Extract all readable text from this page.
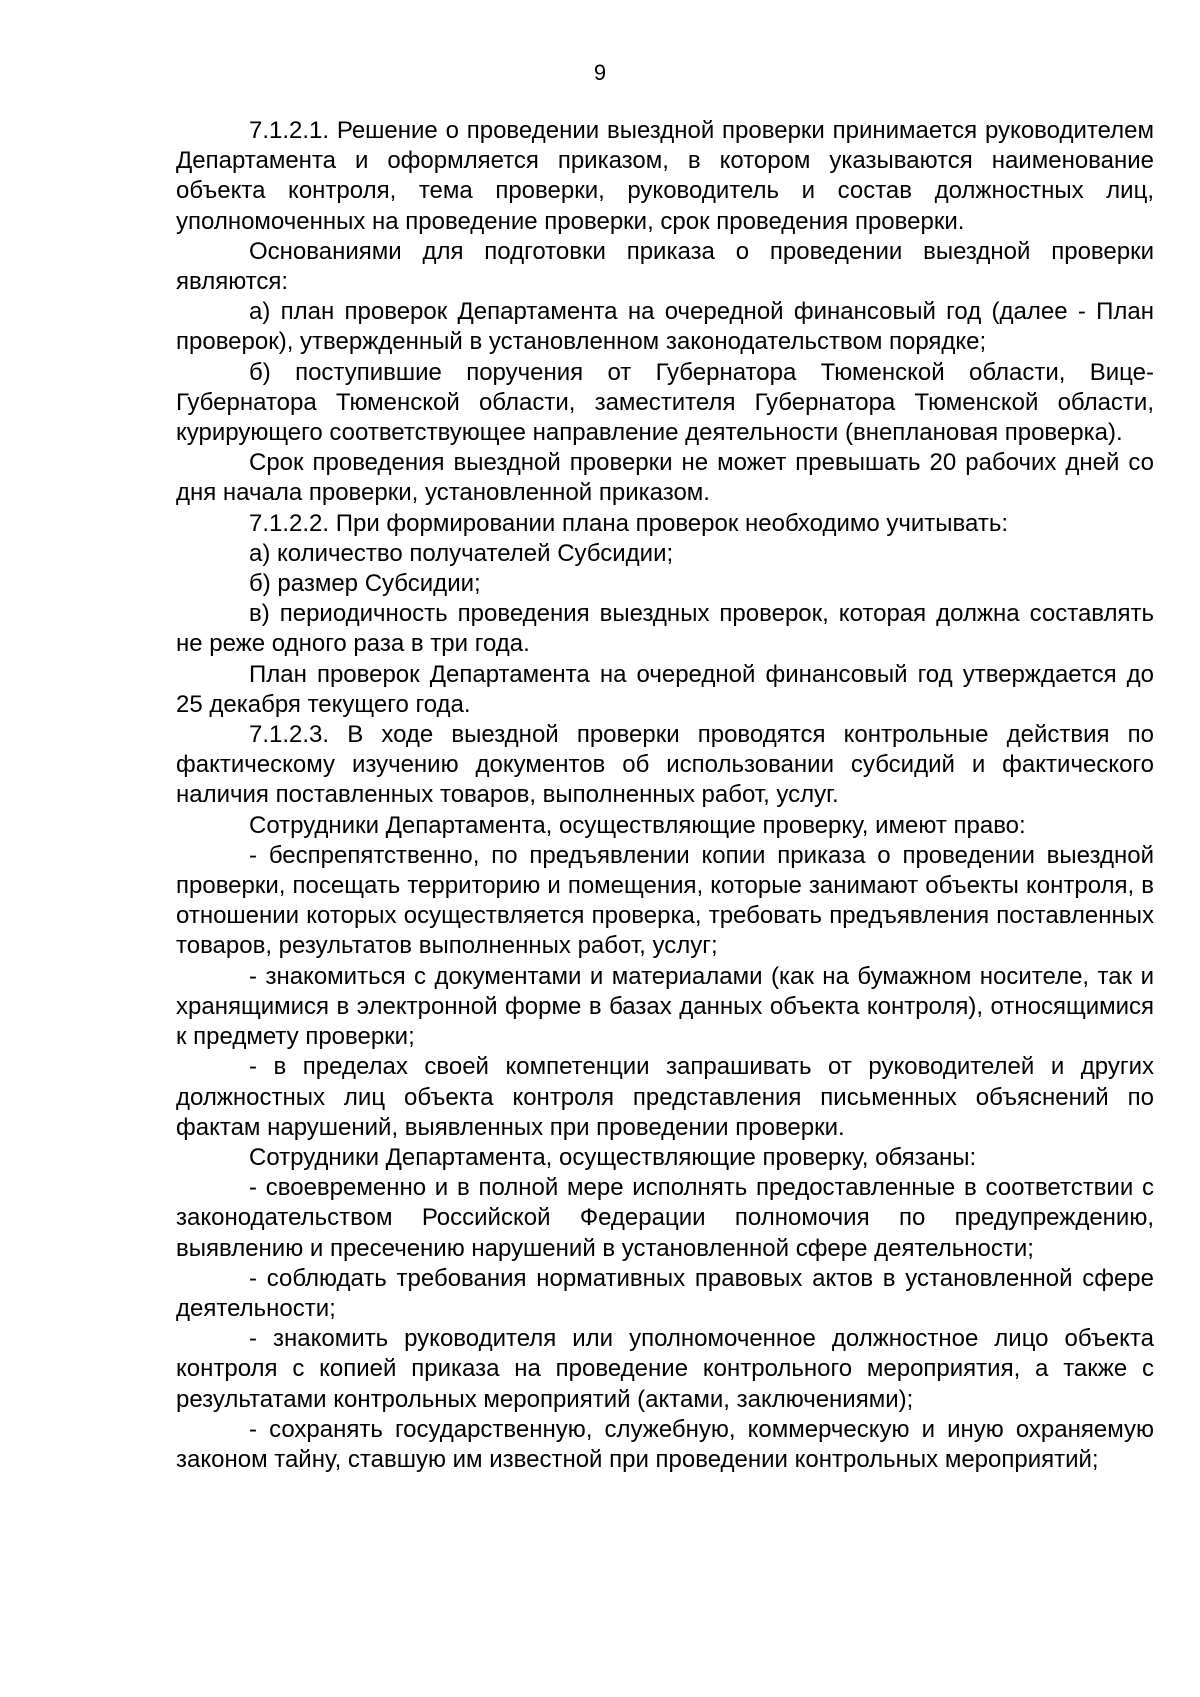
9

7.1.2.1. Решение о проведении выездной проверки принимается руководителем Департамента и оформляется приказом, в котором указываются наименование объекта контроля, тема проверки, руководитель и состав должностных лиц, уполномоченных на проведение проверки, срок проведения проверки.

Основаниями для подготовки приказа о проведении выездной проверки являются:

а) план проверок Департамента на очередной финансовый год (далее - План проверок), утвержденный в установленном законодательством порядке;

б) поступившие поручения от Губернатора Тюменской области, Вице-Губернатора Тюменской области, заместителя Губернатора Тюменской области, курирующего соответствующее направление деятельности (внеплановая проверка).

Срок проведения выездной проверки не может превышать 20 рабочих дней со дня начала проверки, установленной приказом.

7.1.2.2. При формировании плана проверок необходимо учитывать:

а) количество получателей Субсидии;

б) размер Субсидии;

в) периодичность проведения выездных проверок, которая должна составлять не реже одного раза в три года.

План проверок Департамента на очередной финансовый год утверждается до 25 декабря текущего года.

7.1.2.3. В ходе выездной проверки проводятся контрольные действия по фактическому изучению документов об использовании субсидий и фактического наличия поставленных товаров, выполненных работ, услуг.

Сотрудники Департамента, осуществляющие проверку, имеют право:

- беспрепятственно, по предъявлении копии приказа о проведении выездной проверки, посещать территорию и помещения, которые занимают объекты контроля, в отношении которых осуществляется проверка, требовать предъявления поставленных товаров, результатов выполненных работ, услуг;

- знакомиться с документами и материалами (как на бумажном носителе, так и хранящимися в электронной форме в базах данных объекта контроля), относящимися к предмету проверки;

- в пределах своей компетенции запрашивать от руководителей и других должностных лиц объекта контроля представления письменных объяснений по фактам нарушений, выявленных при проведении проверки.

Сотрудники Департамента, осуществляющие проверку, обязаны:

- своевременно и в полной мере исполнять предоставленные в соответствии с законодательством Российской Федерации полномочия по предупреждению, выявлению и пресечению нарушений в установленной сфере деятельности;

- соблюдать требования нормативных правовых актов в установленной сфере деятельности;

- знакомить руководителя или уполномоченное должностное лицо объекта контроля с копией приказа на проведение контрольного мероприятия, а также с результатами контрольных мероприятий (актами, заключениями);

- сохранять государственную, служебную, коммерческую и иную охраняемую законом тайну, ставшую им известной при проведении контрольных мероприятий;
